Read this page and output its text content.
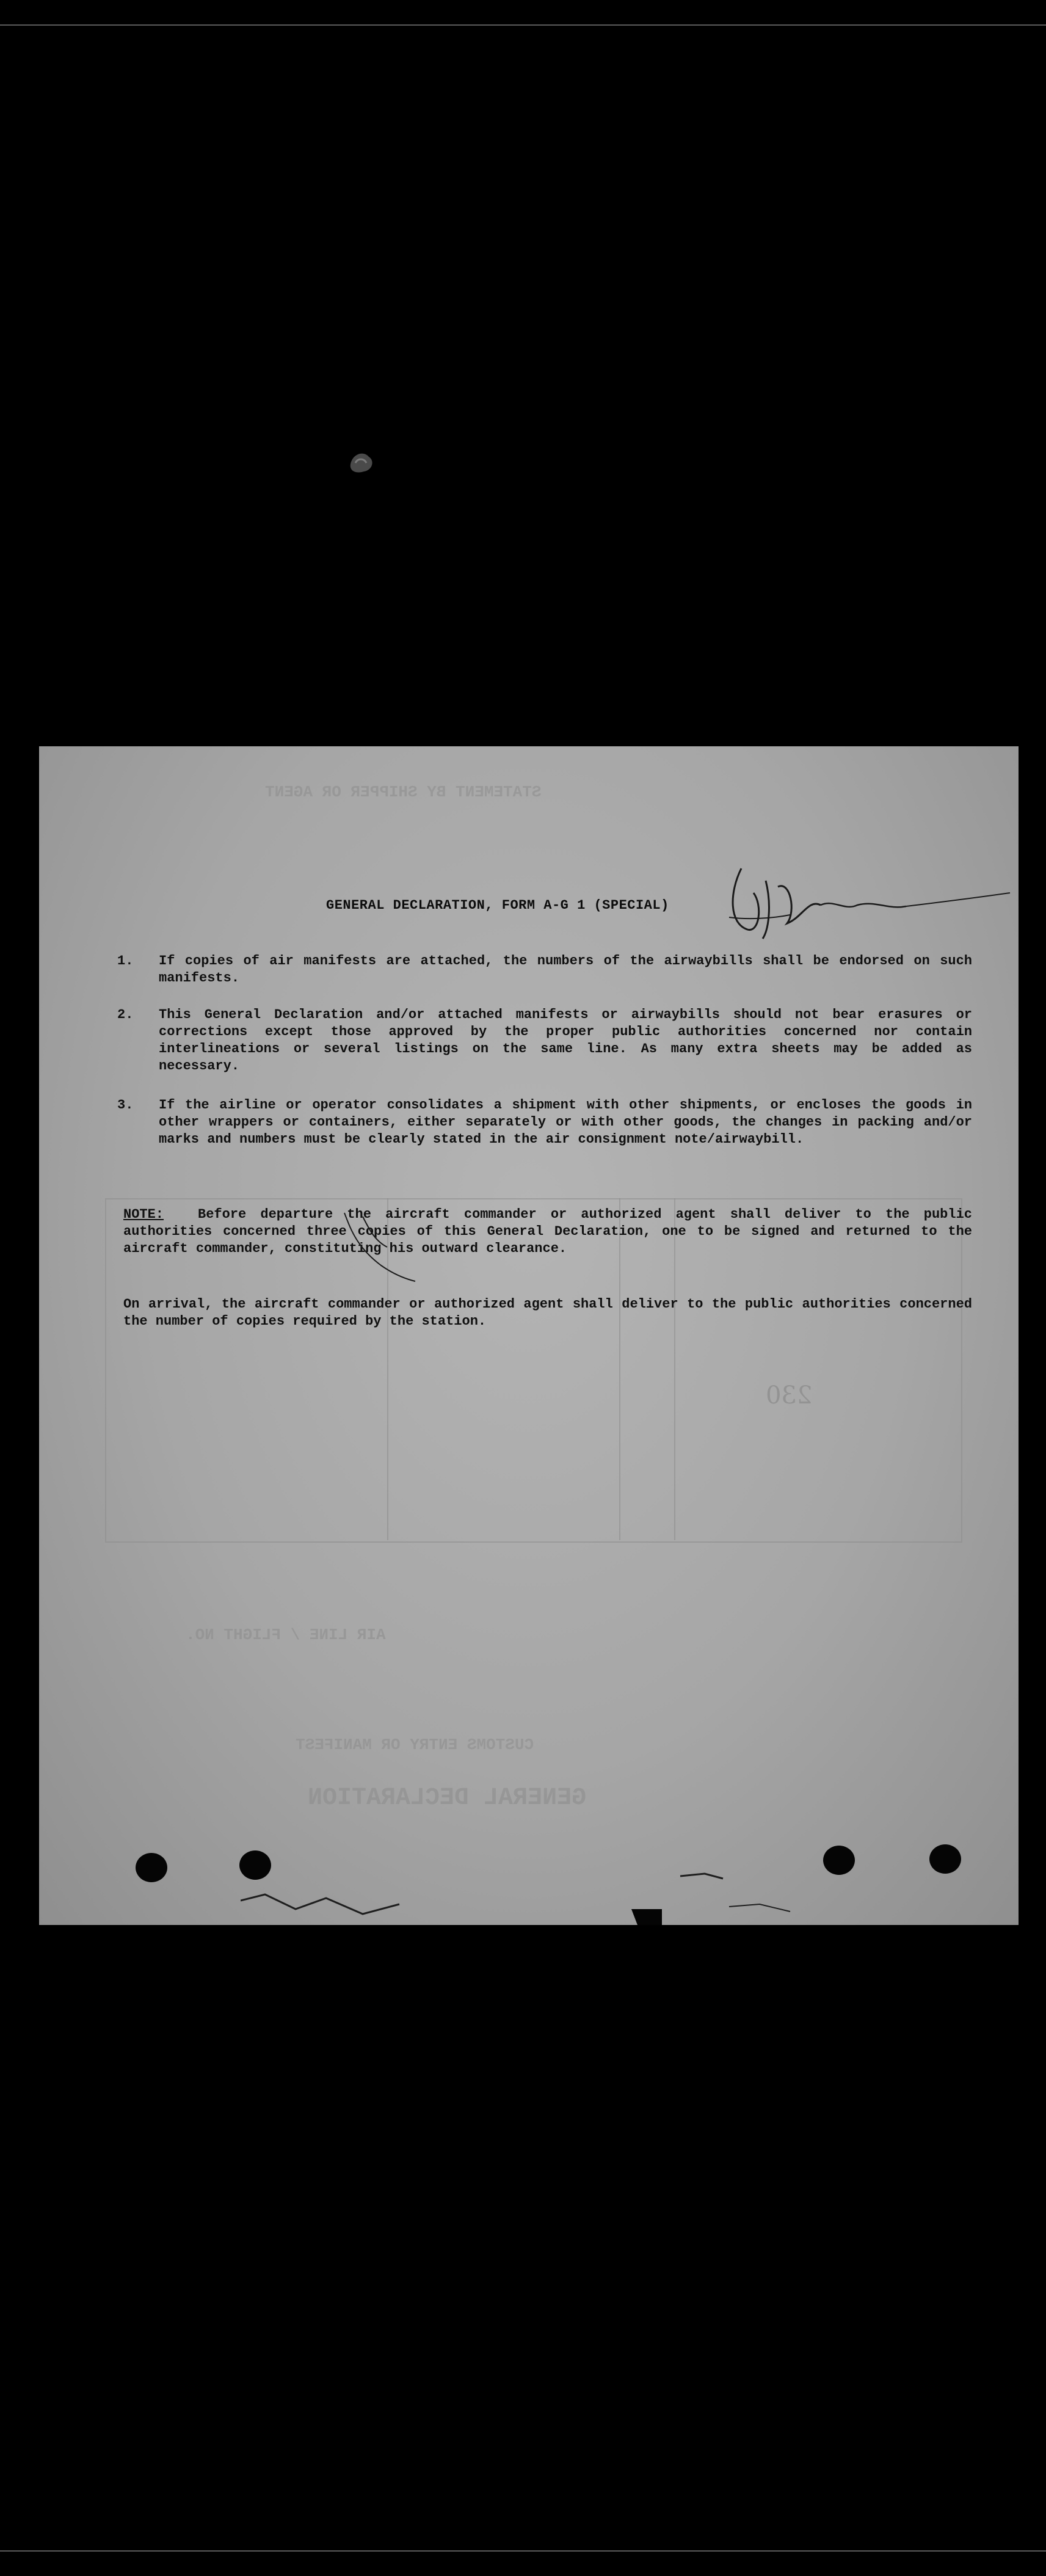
STATEMENT BY SHIPPER OR AGENT
CUSTOMS ENTRY OR MANIFEST
GENERAL DECLARATION
AIR LINE / FLIGHT NO.
230
GENERAL DECLARATION, FORM A-G 1 (SPECIAL)
1.	If copies of air manifests are attached, the numbers of the airwaybills shall be endorsed on such manifests.
2.	This General Declaration and/or attached manifests or airwaybills should not bear erasures or corrections except those approved by the proper public authorities concerned nor contain interlineations or several listings on the same line. As many extra sheets may be added as necessary.
3.	If the airline or operator consolidates a shipment with other shipments, or encloses the goods in other wrappers or containers, either separately or with other goods, the changes in packing and/or marks and numbers must be clearly stated in the air consignment note/airwaybill.
NOTE:	Before departure the aircraft commander or authorized agent shall deliver to the public authorities concerned three copies of this General Declaration, one to be signed and returned to the aircraft commander, constituting his outward clearance.
On arrival, the aircraft commander or authorized agent shall deliver to the public authorities concerned the number of copies required by the station.
